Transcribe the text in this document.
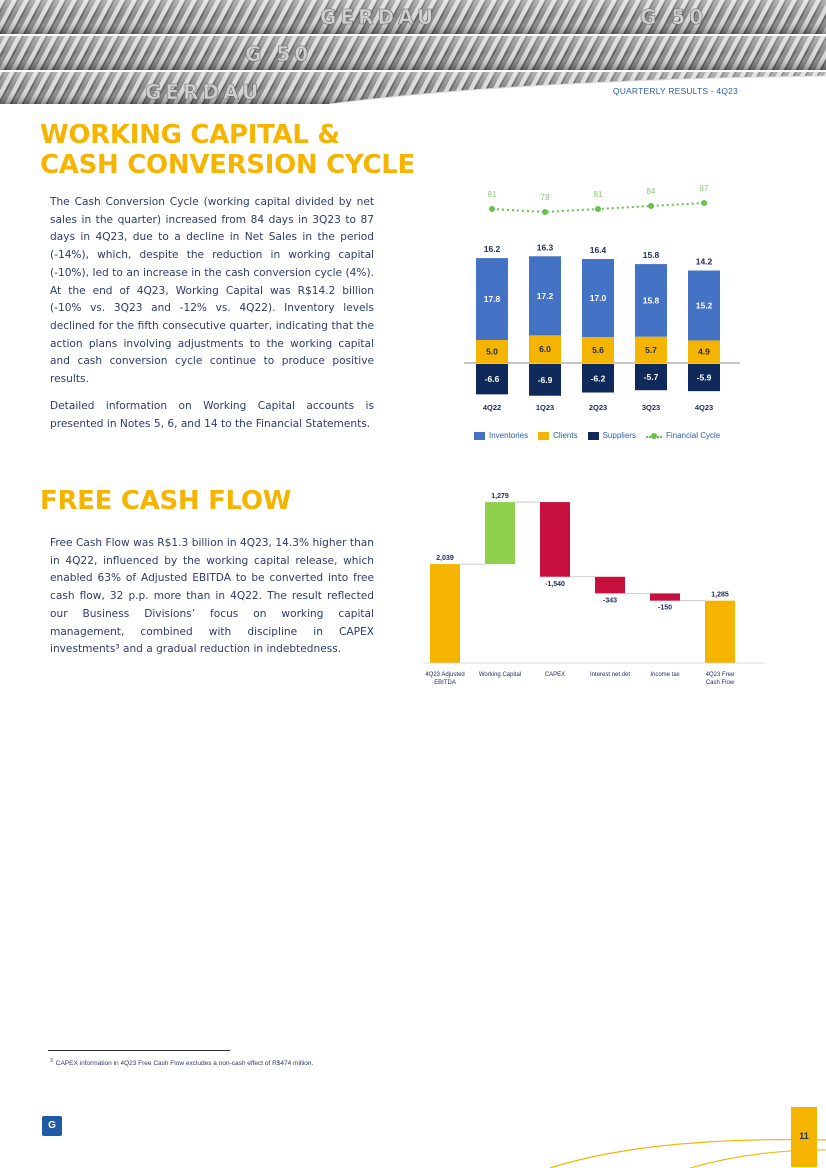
GERDAU	G 50
G 50
GERDAU	QUARTERLY RESULTS - 4Q23
WORKING CAPITAL &
CASH CONVERSION CYCLE

The Cash Conversion Cycle (working capital divided by net sales in the quarter) increased from 84 days in 3Q23 to 87 days in 4Q23, due to a decline in Net Sales in the period (-14%), which, despite the reduction in working capital (-10%), led to an increase in the cash conversion cycle (4%). At the end of 4Q23, Working Capital was R$14.2 billion (-10% vs. 3Q23 and -12% vs. 4Q22). Inventory levels declined for the fifth consecutive quarter, indicating that the action plans involving adjustments to the working capital and cash conversion cycle continue to produce positive results.

Detailed information on Working Capital accounts is presented in Notes 5, 6, and 14 to the Financial Statements.

81	78	81	84	87
17.8
5.0
-6.6
16.2
4Q22
17.2
6.0
-6.9
16.3
1Q23
17.0
5.6
-6.2
16.4
2Q23
15.8
5.7
-5.7
15.8
3Q23
15.2
4.9
-5.9
14.2
4Q23
Inventories	Clients	Suppliers	Financial Cycle
FREE CASH FLOW

Free Cash Flow was R$1.3 billion in 4Q23, 14.3% higher than in 4Q22, influenced by the working capital release, which enabled 63% of Adjusted EBITDA to be converted into free cash flow, 32 p.p. more than in 4Q22. The result reflected our Business Divisions’ focus on working capital management, combined with discipline in CAPEX investments³ and a gradual reduction in indebtedness.

2,039
1,279
-1,540
-343
-150
1,285
4Q23 Adjusted EBITDA
Working Capital	CAPEX	Interest net det	Income tax	4Q23 Free Cash Flow
$^3$ CAPEX information in 4Q23 Free Cash Flow excludes a non-cash effect of R$474 million.
G
11
